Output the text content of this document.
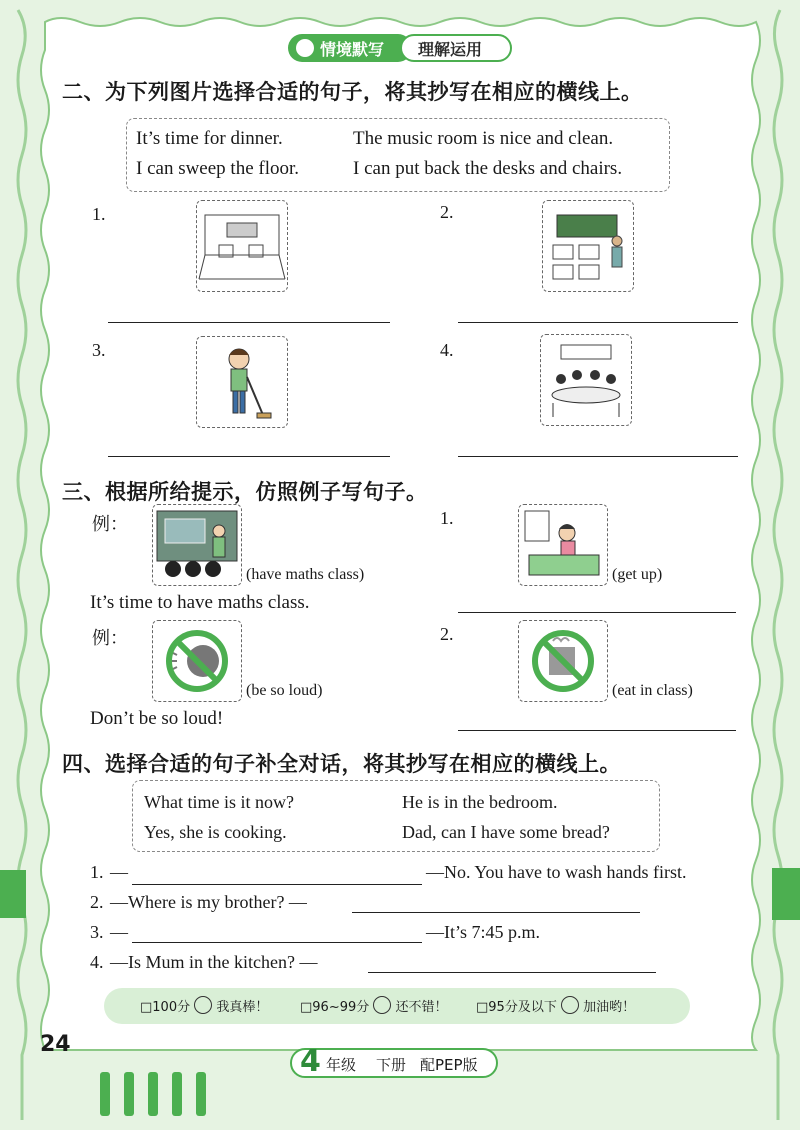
情境默写 理解运用
二、为下列图片选择合适的句子，将其抄写在相应的横线上。
It’s time for dinner.	The music room is nice and clean.
I can sweep the floor.	I can put back the desks and chairs.
1.	2.
3.	4.
三、根据所给提示，仿照例子写句子。
例：
(have maths class)
It’s time to have maths class.
1.
(get up)
例：
(be so loud)
Don’t be so loud!
2.
(eat in class)
四、选择合适的句子补全对话，将其抄写在相应的横线上。
What time is it now?	He is in the bedroom.
Yes, she is cooking.	Dad, can I have some bread?
1. —	—No. You have to wash hands first.
2. —Where is my brother? —
3. —	—It’s 7:45 p.m.
4. —Is Mum in the kitchen? —
□100分 我真棒！ □96~99分 还不错！ □95分及以下 加油哟！
24	4 年级 下册 配PEP版
